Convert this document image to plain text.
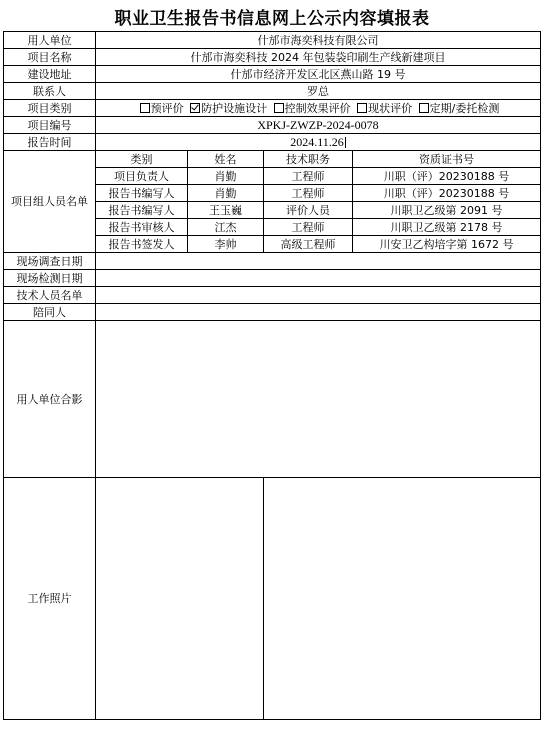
职业卫生报告书信息网上公示内容填报表
用人单位	什邡市海奕科技有限公司			
项目名称	什邡市海奕科技 2024 年包装袋印刷生产线新建项目			
建设地址	什邡市经济开发区北区燕山路 19 号			
联系人	罗总			
项目类别	预评价 防护设施设计 控制效果评价 现状评价 定期/委托检测			
项目编号	XPKJ-ZWZP-2024-0078			
报告时间	2024.11.26			
项目组人员名单	类别	姓名	技术职务	资质证书号
	项目负责人	肖勤	工程师	川职（评）20230188 号
	报告书编写人	肖勤	工程师	川职（评）20230188 号
	报告书编写人	王玉巍	评价人员	川职卫乙级第 2091 号
	报告书审核人	江杰	工程师	川职卫乙级第 2178 号
	报告书签发人	李帅	高级工程师	川安卫乙构培字第 1672 号
现场调查日期				
现场检测日期				
技术人员名单				
陪同人				
用人单位合影				
工作照片				
